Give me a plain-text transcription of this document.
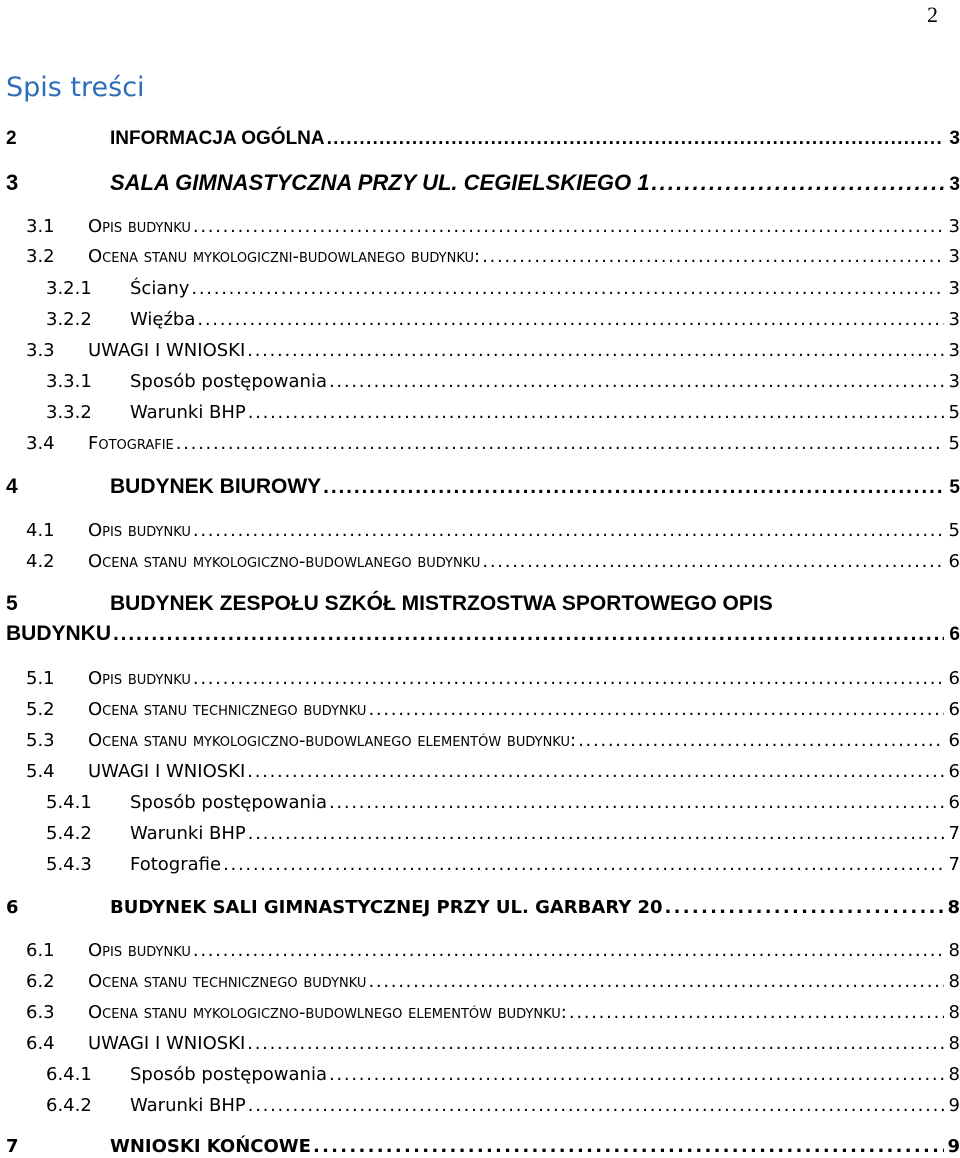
2
Spis treści
2	INFORMACJA OGÓLNA . . .	3
3	SALA GIMNASTYCZNA PRZY UL. CEGIELSKIEGO 1 . . .	3
3.1	Opis budynku . . .	3
3.2	Ocena stanu mykologiczni-budowlanego budynku: . . .	3
3.2.1	Ściany . . .	3
3.2.2	Więźba . . .	3
3.3	UWAGI I WNIOSKI . . .	3
3.3.1	Sposób postępowania . . .	3
3.3.2	Warunki BHP . . .	5
3.4	Fotografie . . .	5
4	BUDYNEK BIUROWY . . .	5
4.1	Opis budynku . . .	5
4.2	Ocena stanu mykologiczno-budowlanego budynku . . .	6
5	BUDYNEK ZESPOŁU SZKÓŁ MISTRZOSTWA SPORTOWEGO OPIS
BUDYNKU . . .	6
5.1	Opis budynku . . .	6
5.2	Ocena stanu technicznego budynku . . .	6
5.3	Ocena stanu mykologiczno-budowlanego elementów budynku: . . .	6
5.4	UWAGI I WNIOSKI . . .	6
5.4.1	Sposób postępowania . . .	6
5.4.2	Warunki BHP . . .	7
5.4.3	Fotografie . . .	7
6	BUDYNEK SALI GIMNASTYCZNEJ PRZY UL. GARBARY 20 . . .	8
6.1	Opis budynku . . .	8
6.2	Ocena stanu technicznego budynku . . .	8
6.3	Ocena stanu mykologiczno-budowlnego elementów budynku: . . .	8
6.4	UWAGI I WNIOSKI . . .	8
6.4.1	Sposób postępowania . . .	8
6.4.2	Warunki BHP . . .	9
7	WNIOSKI KOŃCOWE . . .	9
